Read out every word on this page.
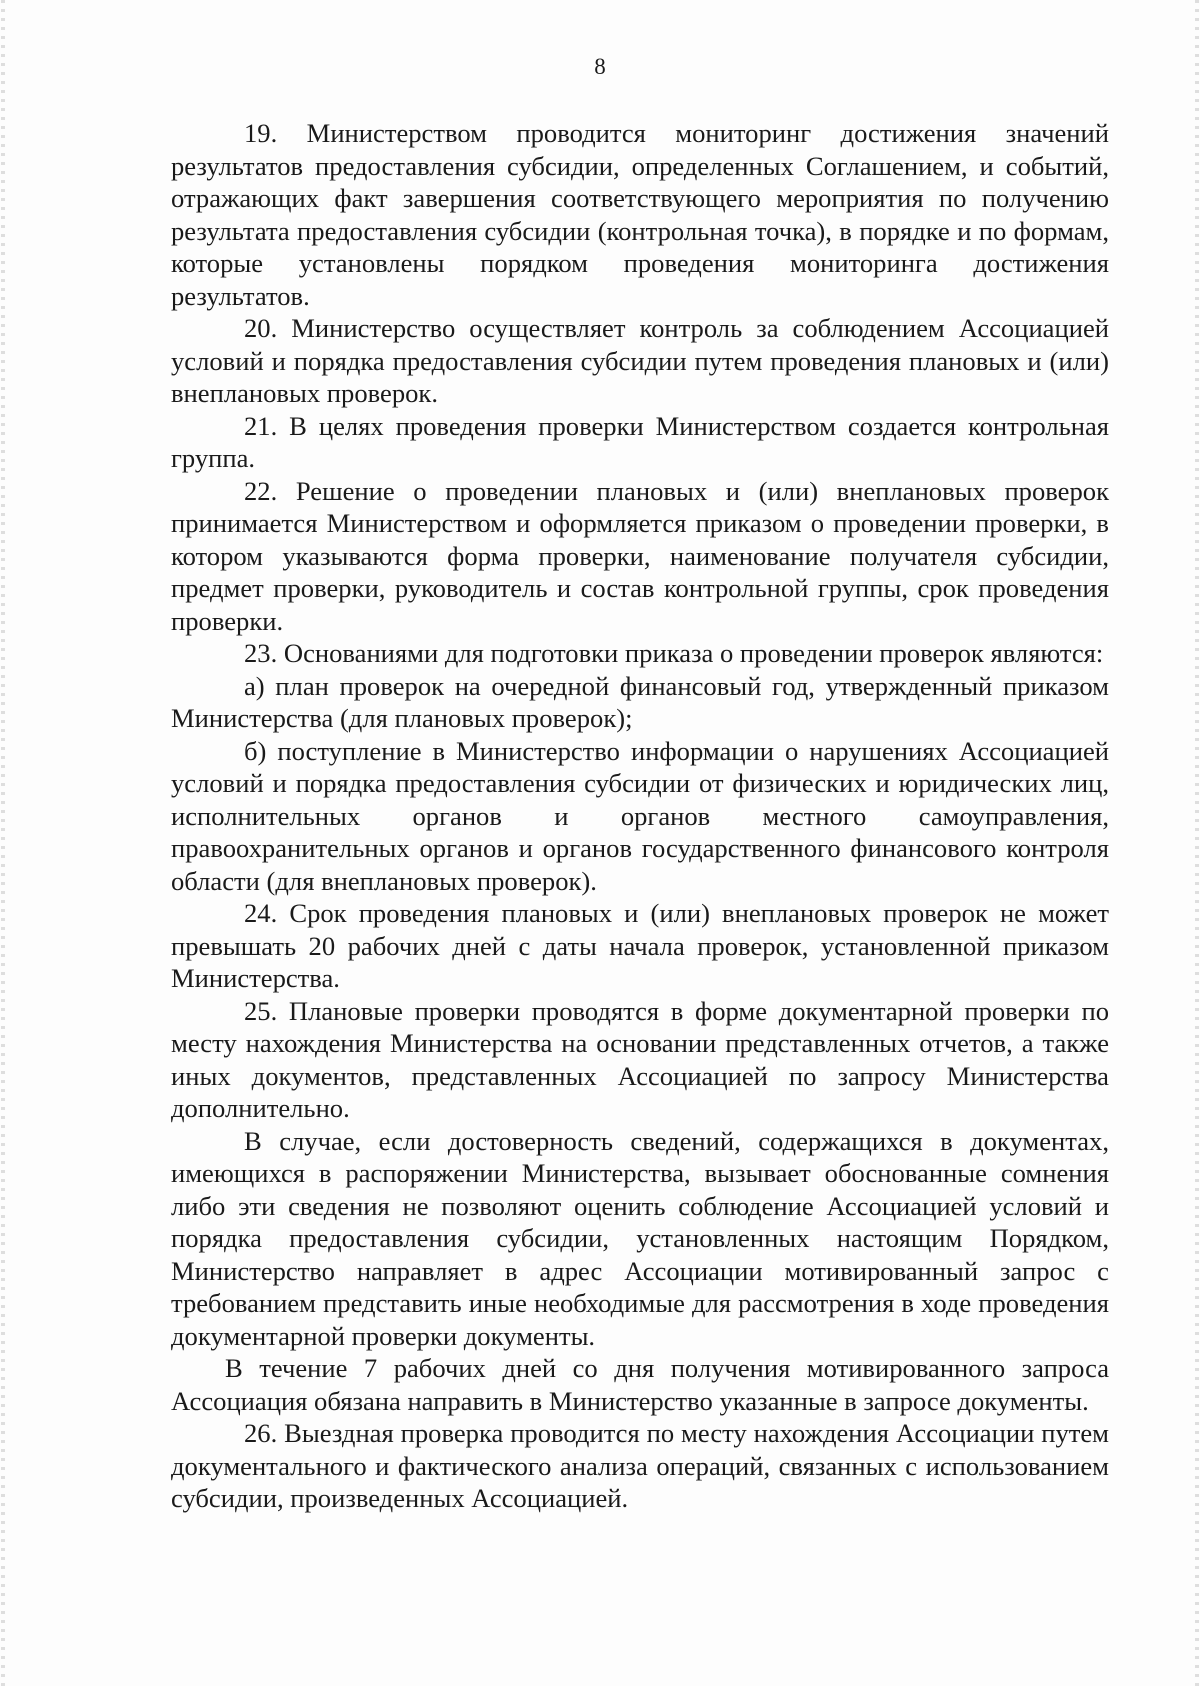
8

19. Министерством проводится мониторинг достижения значений результатов предоставления субсидии, определенных Соглашением, и событий, отражающих факт завершения соответствующего мероприятия по получению результата предоставления субсидии (контрольная точка), в порядке и по формам, которые установлены порядком проведения мониторинга достижения результатов.

20. Министерство осуществляет контроль за соблюдением Ассоциацией условий и порядка предоставления субсидии путем проведения плановых и (или) внеплановых проверок.

21. В целях проведения проверки Министерством создается контрольная группа.

22. Решение о проведении плановых и (или) внеплановых проверок принимается Министерством и оформляется приказом о проведении проверки, в котором указываются форма проверки, наименование получателя субсидии, предмет проверки, руководитель и состав контрольной группы, срок проведения проверки.

23. Основаниями для подготовки приказа о проведении проверок являются:

а) план проверок на очередной финансовый год, утвержденный приказом Министерства (для плановых проверок);

б) поступление в Министерство информации о нарушениях Ассоциацией условий и порядка предоставления субсидии от физических и юридических лиц, исполнительных органов и органов местного самоуправления, правоохранительных органов и органов государственного финансового контроля области (для внеплановых проверок).

24. Срок проведения плановых и (или) внеплановых проверок не может превышать 20 рабочих дней с даты начала проверок, установленной приказом Министерства.

25. Плановые проверки проводятся в форме документарной проверки по месту нахождения Министерства на основании представленных отчетов, а также иных документов, представленных Ассоциацией по запросу Министерства дополнительно.

В случае, если достоверность сведений, содержащихся в документах, имеющихся в распоряжении Министерства, вызывает обоснованные сомнения либо эти сведения не позволяют оценить соблюдение Ассоциацией условий и порядка предоставления субсидии, установленных настоящим Порядком, Министерство направляет в адрес Ассоциации мотивированный запрос с требованием представить иные необходимые для рассмотрения в ходе проведения документарной проверки документы.

В течение 7 рабочих дней со дня получения мотивированного запроса Ассоциация обязана направить в Министерство указанные в запросе документы.

26. Выездная проверка проводится по месту нахождения Ассоциации путем документального и фактического анализа операций, связанных с использованием субсидии, произведенных Ассоциацией.
